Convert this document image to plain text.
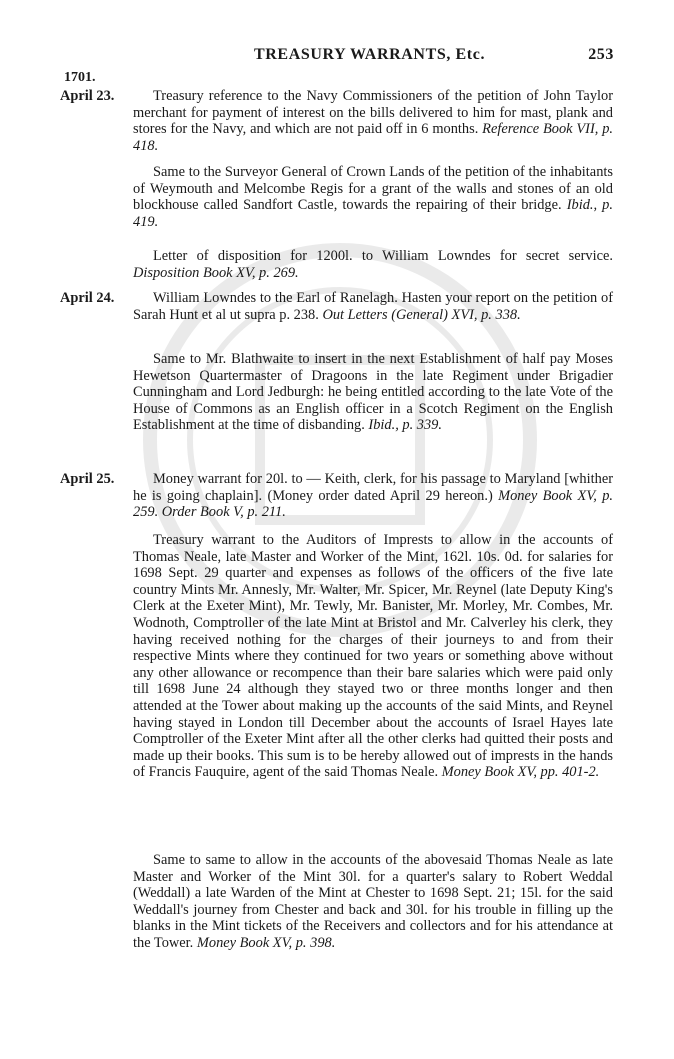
TREASURY WARRANTS, Etc.	253
1701.
April 23.
April 24.
April 25.
Treasury reference to the Navy Commissioners of the petition of John Taylor merchant for payment of interest on the bills delivered to him for mast, plank and stores for the Navy, and which are not paid off in 6 months. Reference Book VII, p. 418.
Same to the Surveyor General of Crown Lands of the petition of the inhabitants of Weymouth and Melcombe Regis for a grant of the walls and stones of an old blockhouse called Sandfort Castle, towards the repairing of their bridge. Ibid., p. 419.
Letter of disposition for 1200l. to William Lowndes for secret service. Disposition Book XV, p. 269.
William Lowndes to the Earl of Ranelagh. Hasten your report on the petition of Sarah Hunt et al ut supra p. 238. Out Letters (General) XVI, p. 338.
Same to Mr. Blathwaite to insert in the next Establishment of half pay Moses Hewetson Quartermaster of Dragoons in the late Regiment under Brigadier Cunningham and Lord Jedburgh: he being entitled according to the late Vote of the House of Commons as an English officer in a Scotch Regiment on the English Establishment at the time of disbanding. Ibid., p. 339.
Money warrant for 20l. to — Keith, clerk, for his passage to Maryland [whither he is going chaplain]. (Money order dated April 29 hereon.) Money Book XV, p. 259. Order Book V, p. 211.
Treasury warrant to the Auditors of Imprests to allow in the accounts of Thomas Neale, late Master and Worker of the Mint, 162l. 10s. 0d. for salaries for 1698 Sept. 29 quarter and expenses as follows of the officers of the five late country Mints Mr. Annesly, Mr. Walter, Mr. Spicer, Mr. Reynel (late Deputy King's Clerk at the Exeter Mint), Mr. Tewly, Mr. Banister, Mr. Morley, Mr. Combes, Mr. Wodnoth, Comptroller of the late Mint at Bristol and Mr. Calverley his clerk, they having received nothing for the charges of their journeys to and from their respective Mints where they continued for two years or something above without any other allowance or recompence than their bare salaries which were paid only till 1698 June 24 although they stayed two or three months longer and then attended at the Tower about making up the accounts of the said Mints, and Reynel having stayed in London till December about the accounts of Israel Hayes late Comptroller of the Exeter Mint after all the other clerks had quitted their posts and made up their books. This sum is to be hereby allowed out of imprests in the hands of Francis Fauquire, agent of the said Thomas Neale. Money Book XV, pp. 401-2.
Same to same to allow in the accounts of the abovesaid Thomas Neale as late Master and Worker of the Mint 30l. for a quarter's salary to Robert Weddal (Weddall) a late Warden of the Mint at Chester to 1698 Sept. 21; 15l. for the said Weddall's journey from Chester and back and 30l. for his trouble in filling up the blanks in the Mint tickets of the Receivers and collectors and for his attendance at the Tower. Money Book XV, p. 398.
